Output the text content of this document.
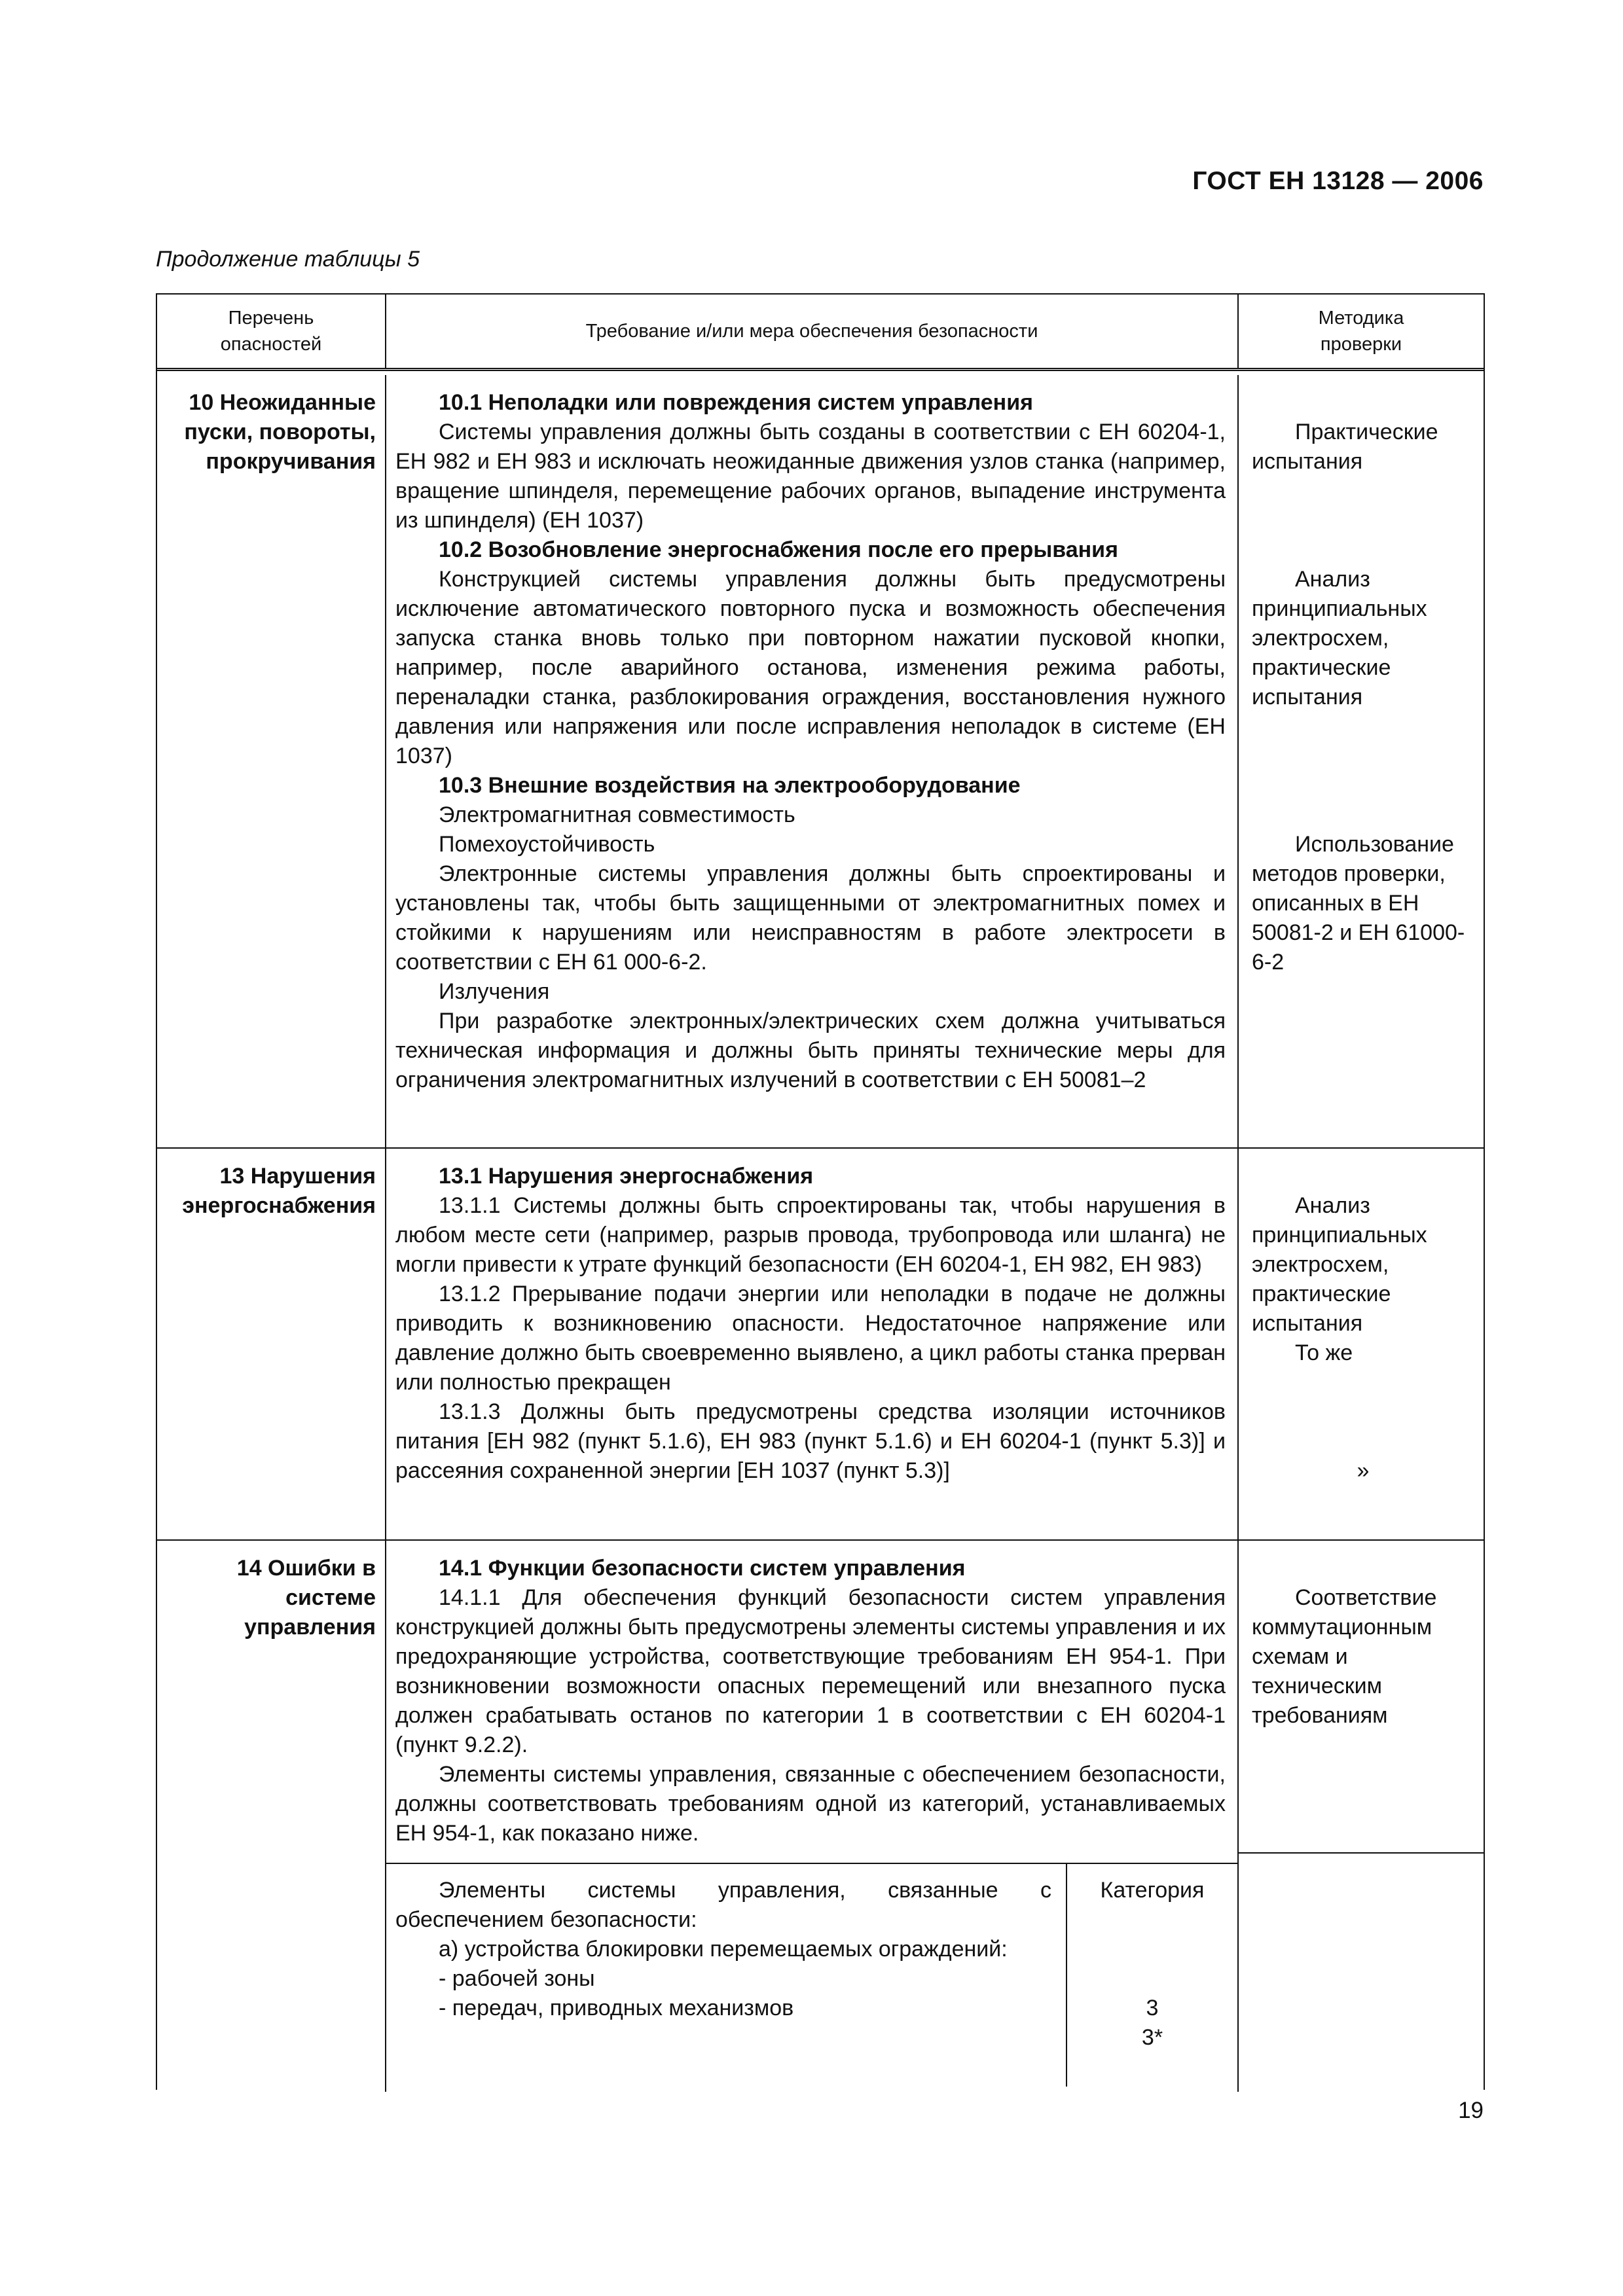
ГОСТ ЕН 13128 — 2006
Продолжение таблицы 5
Перечень опасностей
Требование и/или мера обеспечения безопасности
Методика проверки
10 Неожиданные пуски, повороты, прокручивания

10.1 Неполадки или повреждения систем управления

Системы управления должны быть созданы в соответствии с ЕН 60204-1, ЕН 982 и ЕН 983 и исключать неожиданные движения узлов станка (например, вращение шпинделя, перемещение рабочих органов, выпадение инструмента из шпинделя) (ЕН 1037)

10.2 Возобновление энергоснабжения после его прерывания

Конструкцией системы управления должны быть предусмотрены исключение автоматического повторного пуска и возможность обеспечения запуска станка вновь только при повторном нажатии пусковой кнопки, например, после аварийного останова, изменения режима работы, переналадки станка, разблокирования ограждения, восстановления нужного давления или напряжения или после исправления неполадок в системе (ЕН 1037)

10.3 Внешние воздействия на электрооборудование

Электромагнитная совместимость

Помехоустойчивость

Электронные системы управления должны быть спроектированы и установлены так, чтобы быть защищенными от электромагнитных помех и стойкими к нарушениям или неисправностям в работе электросети в соответствии с ЕН 61 000-6-2.

Излучения

При разработке электронных/электрических схем должна учитываться техническая информация и должны быть приняты технические меры для ограничения электромагнитных излучений в соответствии с ЕН 50081–2

Практические испытания

Анализ принципиальных электросхем, практические испытания

Использование методов проверки, описанных в ЕН 50081-2 и ЕН 61000-6-2

13 Нарушения энергоснабжения

13.1 Нарушения энергоснабжения

13.1.1 Системы должны быть спроектированы так, чтобы нарушения в любом месте сети (например, разрыв провода, трубопровода или шланга) не могли привести к утрате функций безопасности (ЕН 60204-1, ЕН 982, ЕН 983)

13.1.2 Прерывание подачи энергии или неполадки в подаче не должны приводить к возникновению опасности. Недостаточное напряжение или давление должно быть своевременно выявлено, а цикл работы станка прерван или полностью прекращен

13.1.3 Должны быть предусмотрены средства изоляции источников питания [ЕН 982 (пункт 5.1.6), ЕН 983 (пункт 5.1.6) и ЕН 60204-1 (пункт 5.3)] и рассеяния сохраненной энергии [ЕН 1037 (пункт 5.3)]

Анализ принципиальных электросхем, практические испытания

То же

»

14 Ошибки в системе управления

14.1 Функции безопасности систем управления

14.1.1 Для обеспечения функций безопасности систем управления конструкцией должны быть предусмотрены элементы системы управления и их предохраняющие устройства, соответствующие требованиям ЕН 954-1. При возникновении возможности опасных перемещений или внезапного пуска должен срабатывать останов по категории 1 в соответствии с ЕН 60204-1 (пункт 9.2.2).

Элементы системы управления, связанные с обеспечением безопасности, должны соответствовать требованиям одной из категорий, устанавливаемых ЕН 954-1, как показано ниже.

Элементы системы управления, связанные с обеспечением безопасности:

а) устройства блокировки перемещаемых ограждений:

- рабочей зоны

- передач, приводных механизмов

Категория

3

3*

Соответствие коммутационным схемам и техническим требованиям

19
